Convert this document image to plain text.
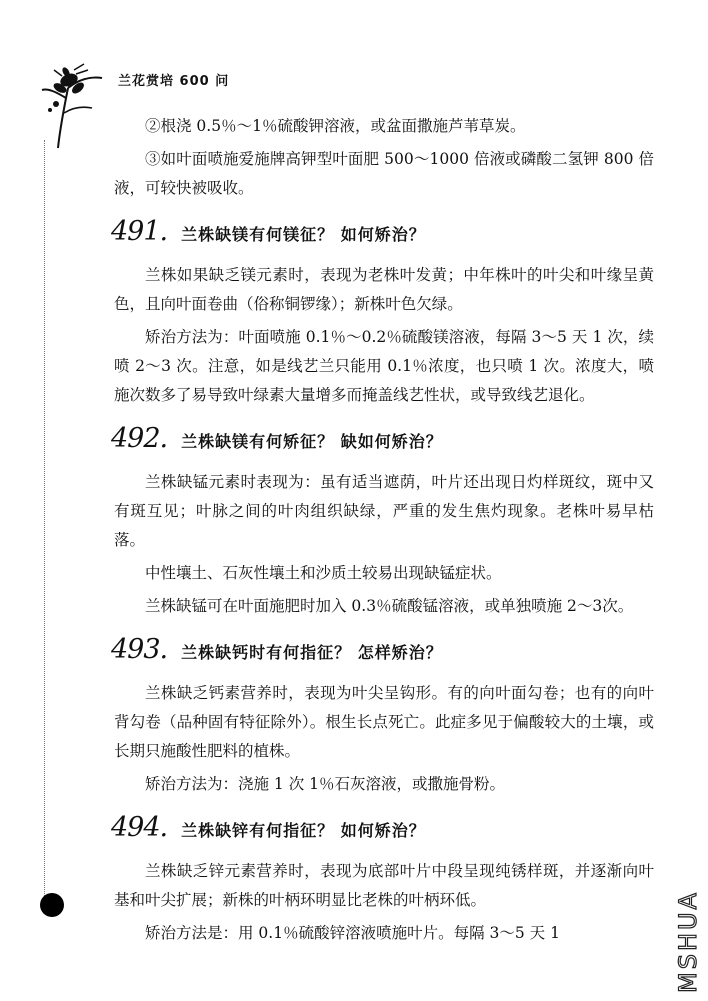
兰花赏培 600 问

②根浇 0.5％～1％硫酸钾溶液，或盆面撒施芦苇草炭。

③如叶面喷施爱施牌高钾型叶面肥 500～1000 倍液或磷酸二氢钾 800 倍液，可较快被吸收。

491. 兰株缺镁有何镁征？ 如何矫治？

兰株如果缺乏镁元素时，表现为老株叶发黄；中年株叶的叶尖和叶缘呈黄色，且向叶面卷曲（俗称铜锣缘）；新株叶色欠绿。

矫治方法为：叶面喷施 0.1％～0.2％硫酸镁溶液，每隔 3～5 天 1 次，续喷 2～3 次。注意，如是线艺兰只能用 0.1％浓度，也只喷 1 次。浓度大，喷施次数多了易导致叶绿素大量增多而掩盖线艺性状，或导致线艺退化。

492. 兰株缺镁有何矫征？ 缺如何矫治？

兰株缺锰元素时表现为：虽有适当遮荫，叶片还出现日灼样斑纹，斑中又有斑互见；叶脉之间的叶肉组织缺绿，严重的发生焦灼现象。老株叶易早枯落。

中性壤土、石灰性壤土和沙质土较易出现缺锰症状。

兰株缺锰可在叶面施肥时加入 0.3％硫酸锰溶液，或单独喷施 2～3次。

493. 兰株缺钙时有何指征？ 怎样矫治？

兰株缺乏钙素营养时，表现为叶尖呈钩形。有的向叶面勾卷；也有的向叶背勾卷（品种固有特征除外）。根生长点死亡。此症多见于偏酸较大的土壤，或长期只施酸性肥料的植株。

矫治方法为：浇施 1 次 1％石灰溶液，或撒施骨粉。

494. 兰株缺锌有何指征？ 如何矫治？

兰株缺乏锌元素营养时，表现为底部叶片中段呈现纯锈样斑，并逐渐向叶基和叶尖扩展；新株的叶柄环明显比老株的叶柄环低。

矫治方法是：用 0.1％硫酸锌溶液喷施叶片。每隔 3～5 天 1	MSHUA
